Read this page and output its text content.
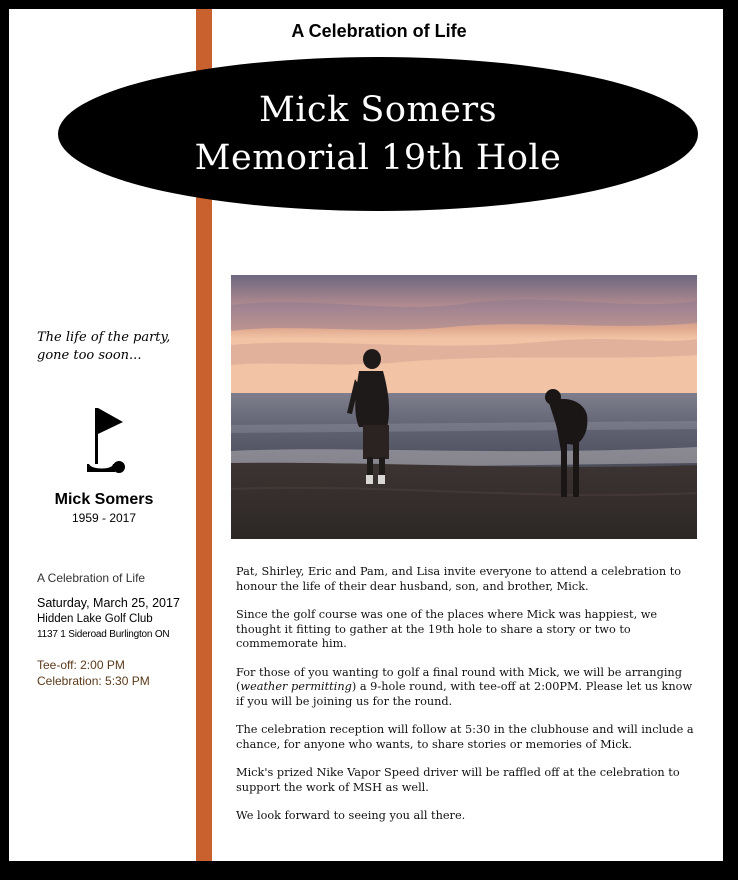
A Celebration of Life
Mick Somers
Memorial 19th Hole
The life of the party,
gone too soon...
Mick Somers
1959 - 2017
A Celebration of Life
Saturday, March 25, 2017
Hidden Lake Golf Club
1137 1 Sideroad Burlington ON
Tee-off: 2:00 PM
Celebration: 5:30 PM

Pat, Shirley, Eric and Pam, and Lisa invite everyone to attend a celebration to honour the life of their dear husband, son, and brother, Mick.

Since the golf course was one of the places where Mick was happiest, we thought it fitting to gather at the 19th hole to share a story or two to commemorate him.

For those of you wanting to golf a final round with Mick, we will be arranging (weather permitting) a 9-hole round, with tee-off at 2:00PM. Please let us know if you will be joining us for the round.

The celebration reception will follow at 5:30 in the clubhouse and will include a chance, for anyone who wants, to share stories or memories of Mick.

Mick's prized Nike Vapor Speed driver will be raffled off at the celebration to support the work of MSH as well.

We look forward to seeing you all there.
